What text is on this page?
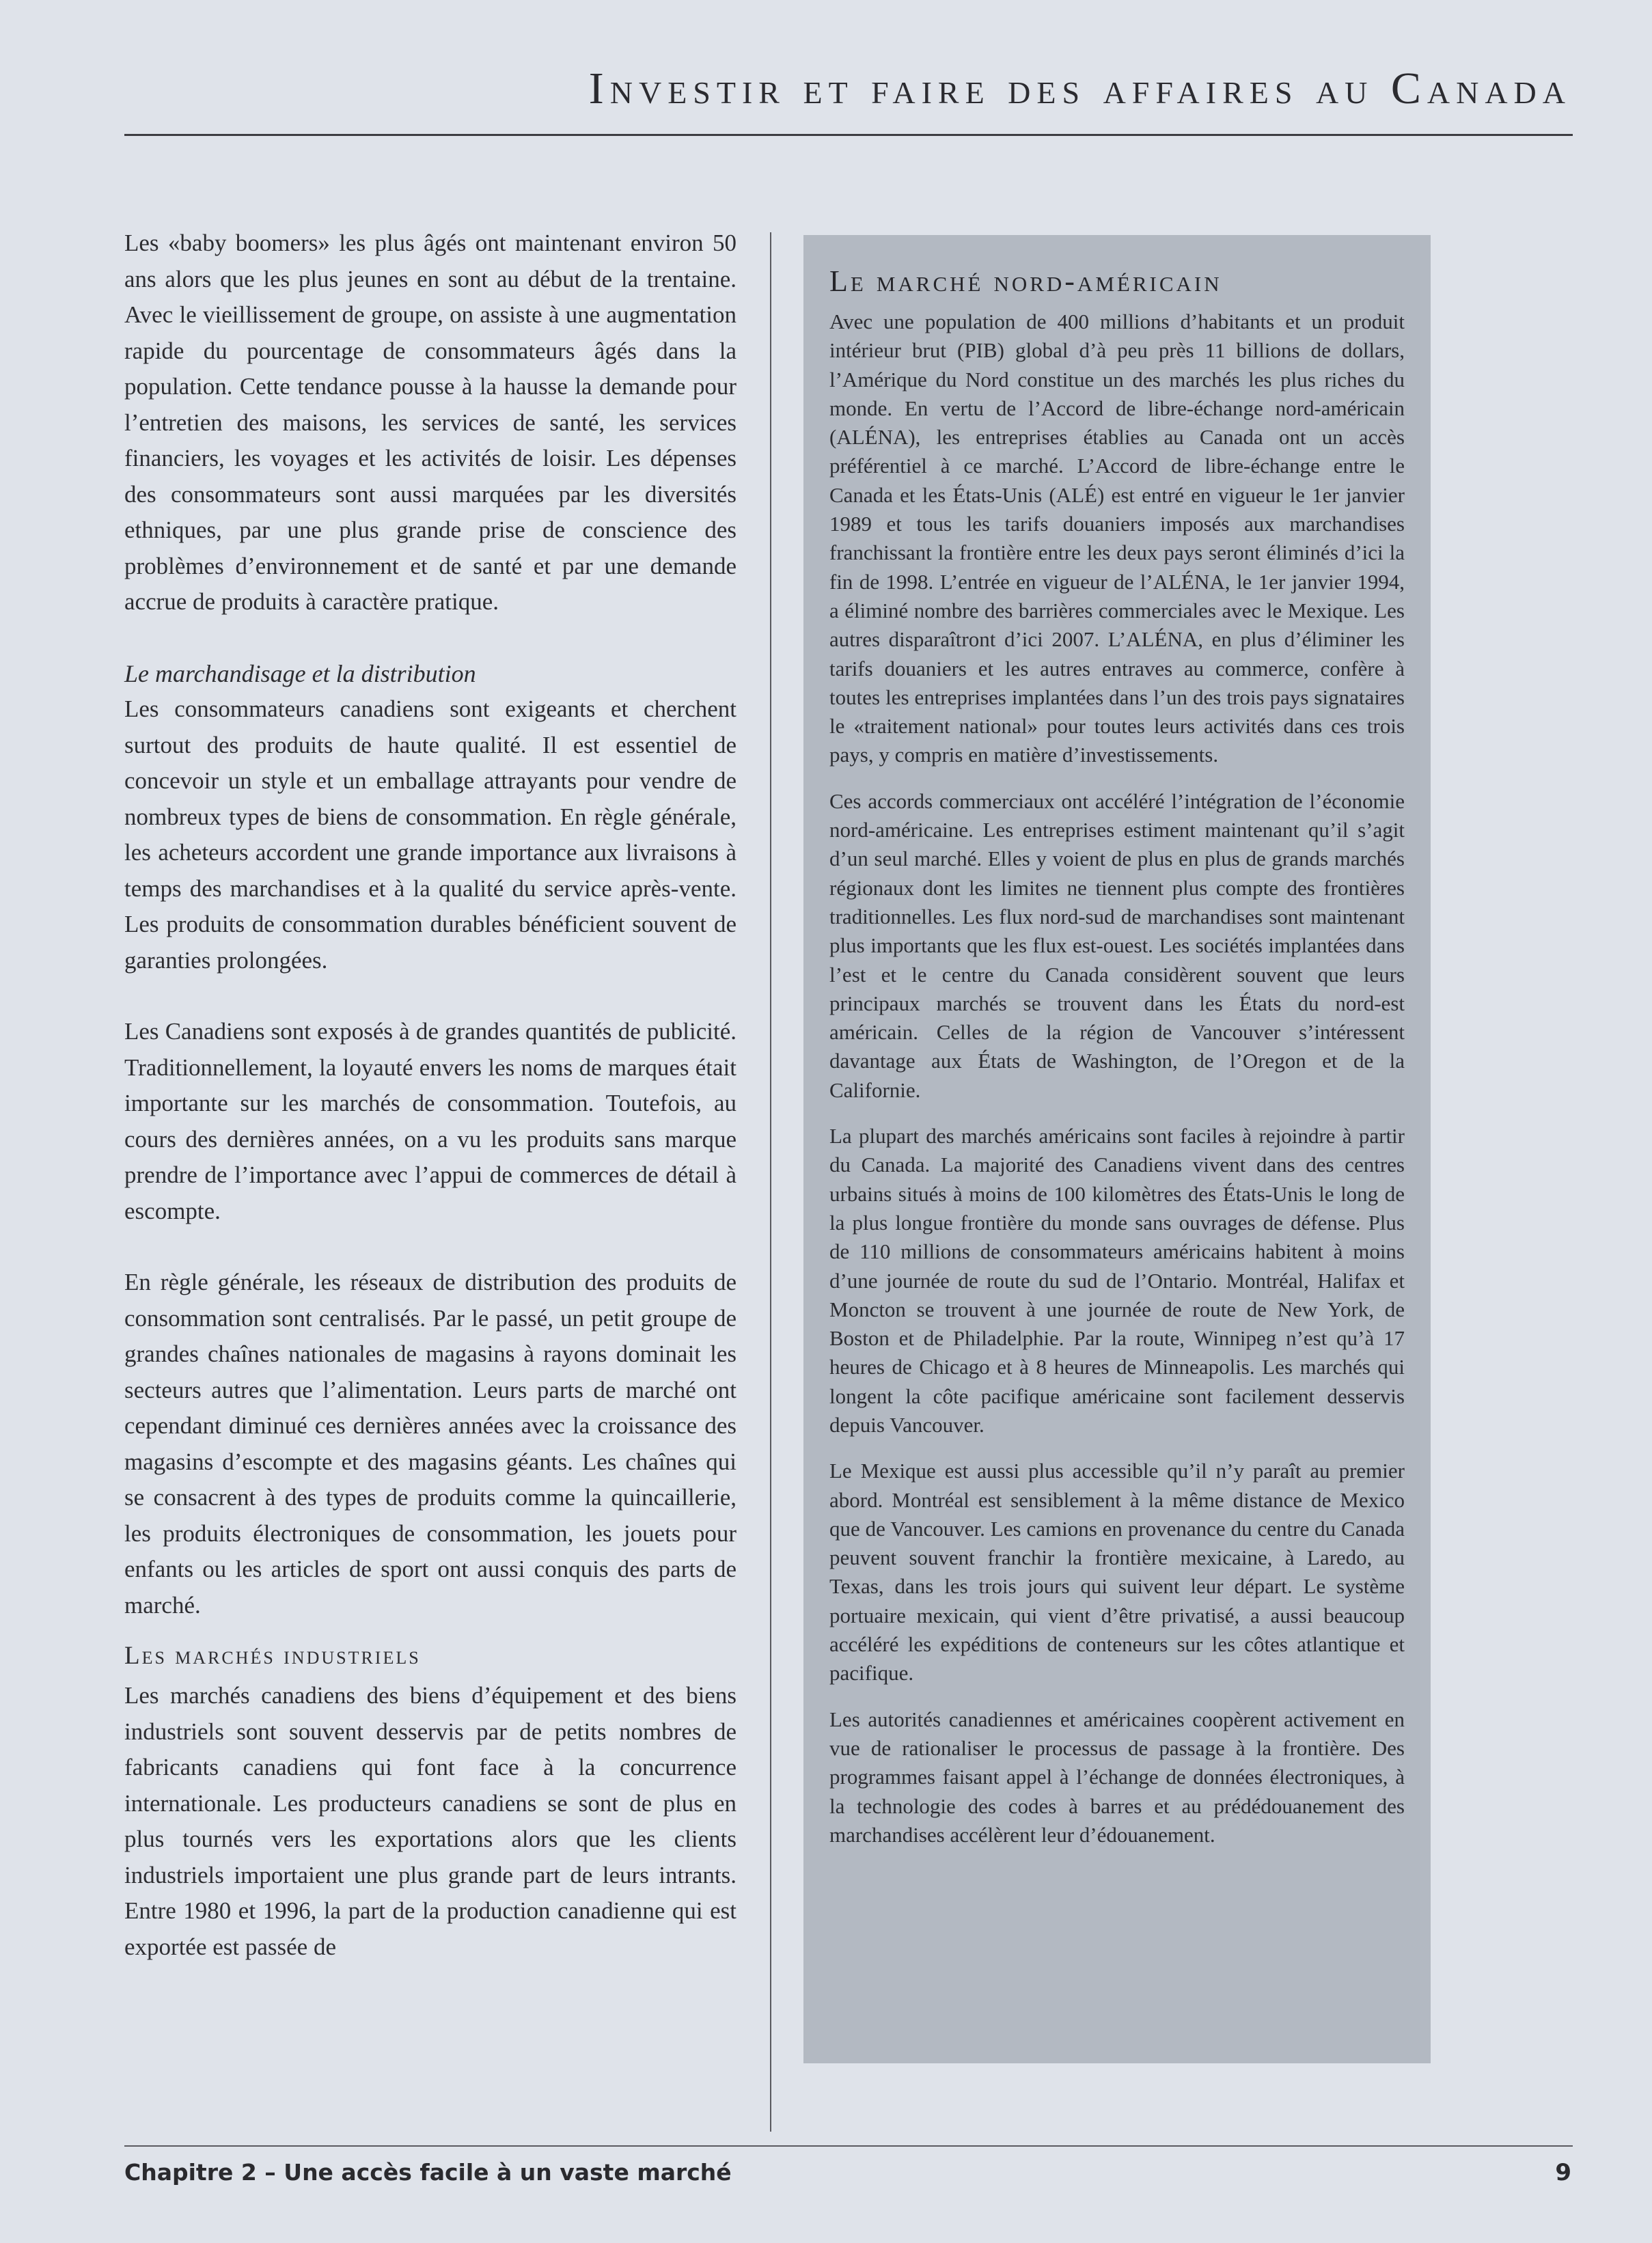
Investir et faire des affaires au Canada

Les «baby boomers» les plus âgés ont maintenant environ 50 ans alors que les plus jeunes en sont au début de la trentaine. Avec le vieillissement de groupe, on assiste à une augmentation rapide du pourcentage de consommateurs âgés dans la population. Cette tendance pousse à la hausse la demande pour l’entretien des maisons, les services de santé, les services financiers, les voyages et les activités de loisir. Les dépenses des consommateurs sont aussi marquées par les diversités ethniques, par une plus grande prise de conscience des problèmes d’environnement et de santé et par une demande accrue de produits à caractère pratique.

Le marchandisage et la distribution

Les consommateurs canadiens sont exigeants et cherchent surtout des produits de haute qualité. Il est essentiel de concevoir un style et un emballage attrayants pour vendre de nombreux types de biens de consommation. En règle générale, les acheteurs accordent une grande importance aux livraisons à temps des marchandises et à la qualité du service après-vente. Les produits de consommation durables bénéficient souvent de garanties prolongées.

Les Canadiens sont exposés à de grandes quantités de publicité. Traditionnellement, la loyauté envers les noms de marques était importante sur les marchés de consommation. Toutefois, au cours des dernières années, on a vu les produits sans marque prendre de l’importance avec l’appui de commerces de détail à escompte.

En règle générale, les réseaux de distribution des produits de consommation sont centralisés. Par le passé, un petit groupe de grandes chaînes nationales de magasins à rayons dominait les secteurs autres que l’alimentation. Leurs parts de marché ont cependant diminué ces dernières années avec la croissance des magasins d’escompte et des magasins géants. Les chaînes qui se consacrent à des types de produits comme la quincaillerie, les produits électroniques de consommation, les jouets pour enfants ou les articles de sport ont aussi conquis des parts de marché.

Les marchés industriels

Les marchés canadiens des biens d’équipement et des biens industriels sont souvent desservis par de petits nombres de fabricants canadiens qui font face à la concurrence internationale. Les producteurs canadiens se sont de plus en plus tournés vers les exportations alors que les clients industriels importaient une plus grande part de leurs intrants. Entre 1980 et 1996, la part de la production canadienne qui est exportée est passée de

Le marché nord-américain

Avec une population de 400 millions d’habitants et un produit intérieur brut (PIB) global d’à peu près 11 billions de dollars, l’Amérique du Nord constitue un des marchés les plus riches du monde. En vertu de l’Accord de libre-échange nord-américain (ALÉNA), les entreprises établies au Canada ont un accès préférentiel à ce marché. L’Accord de libre-échange entre le Canada et les États-Unis (ALÉ) est entré en vigueur le 1er janvier 1989 et tous les tarifs douaniers imposés aux marchandises franchissant la frontière entre les deux pays seront éliminés d’ici la fin de 1998. L’entrée en vigueur de l’ALÉNA, le 1er janvier 1994, a éliminé nombre des barrières commerciales avec le Mexique. Les autres disparaîtront d’ici 2007. L’ALÉNA, en plus d’éliminer les tarifs douaniers et les autres entraves au commerce, confère à toutes les entreprises implantées dans l’un des trois pays signataires le «traitement national» pour toutes leurs activités dans ces trois pays, y compris en matière d’investissements.

Ces accords commerciaux ont accéléré l’intégration de l’économie nord-américaine. Les entreprises estiment maintenant qu’il s’agit d’un seul marché. Elles y voient de plus en plus de grands marchés régionaux dont les limites ne tiennent plus compte des frontières traditionnelles. Les flux nord-sud de marchandises sont maintenant plus importants que les flux est-ouest. Les sociétés implantées dans l’est et le centre du Canada considèrent souvent que leurs principaux marchés se trouvent dans les États du nord-est américain. Celles de la région de Vancouver s’intéressent davantage aux États de Washington, de l’Oregon et de la Californie.

La plupart des marchés américains sont faciles à rejoindre à partir du Canada. La majorité des Canadiens vivent dans des centres urbains situés à moins de 100 kilomètres des États-Unis le long de la plus longue frontière du monde sans ouvrages de défense. Plus de 110 millions de consommateurs américains habitent à moins d’une journée de route du sud de l’Ontario. Montréal, Halifax et Moncton se trouvent à une journée de route de New York, de Boston et de Philadelphie. Par la route, Winnipeg n’est qu’à 17 heures de Chicago et à 8 heures de Minneapolis. Les marchés qui longent la côte pacifique américaine sont facilement desservis depuis Vancouver.

Le Mexique est aussi plus accessible qu’il n’y paraît au premier abord. Montréal est sensiblement à la même distance de Mexico que de Vancouver. Les camions en provenance du centre du Canada peuvent souvent franchir la frontière mexicaine, à Laredo, au Texas, dans les trois jours qui suivent leur départ. Le système portuaire mexicain, qui vient d’être privatisé, a aussi beaucoup accéléré les expéditions de conteneurs sur les côtes atlantique et pacifique.

Les autorités canadiennes et américaines coopèrent activement en vue de rationaliser le processus de passage à la frontière. Des programmes faisant appel à l’échange de données électroniques, à la technologie des codes à barres et au prédédouanement des marchandises accélèrent leur d’édouanement.

Chapitre 2 – Une accès facile à un vaste marché	9
